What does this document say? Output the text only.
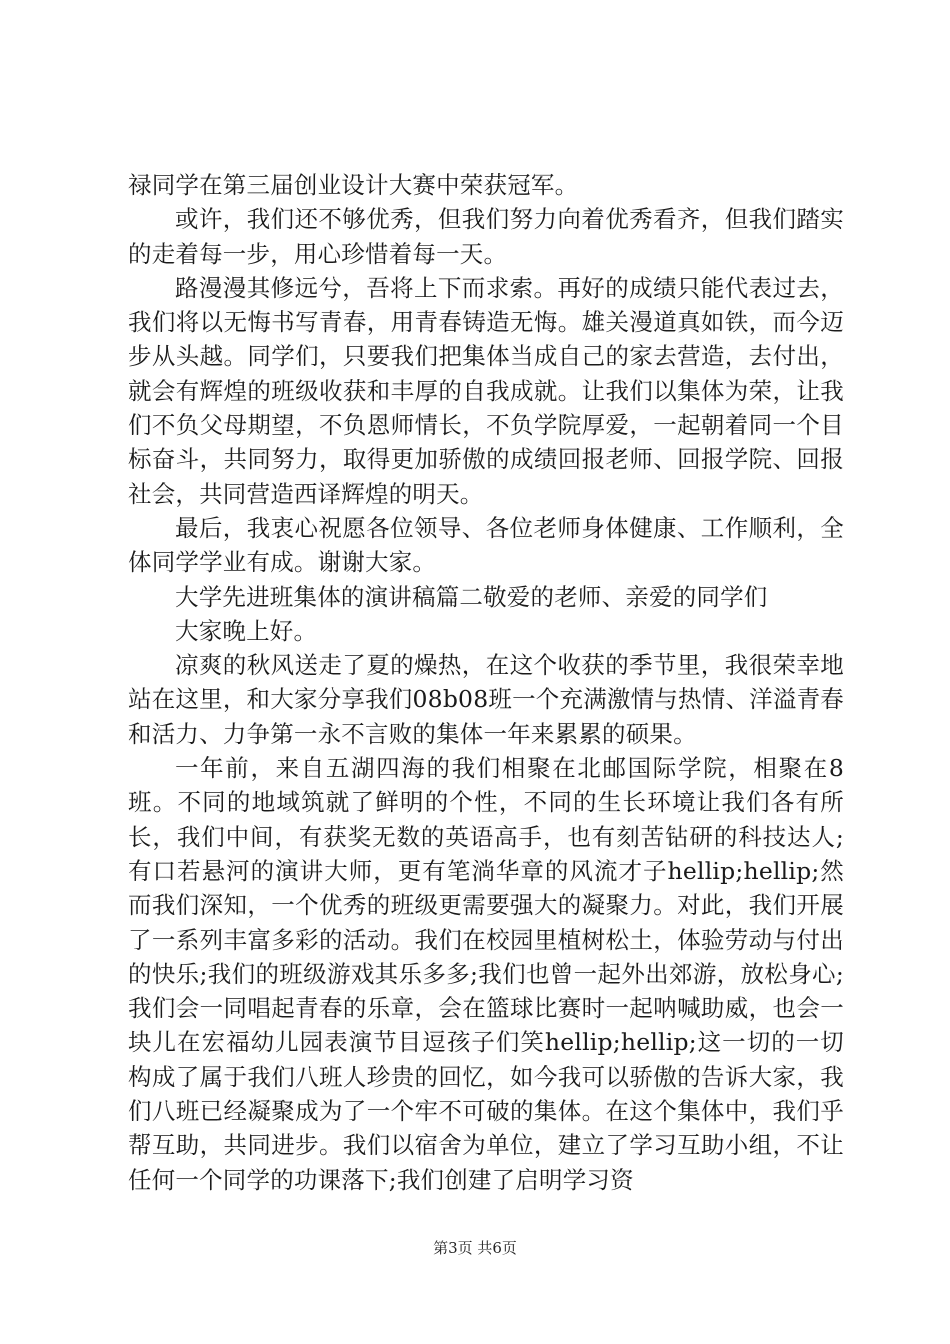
禄同学在第三届创业设计大赛中荣获冠军。

或许，我们还不够优秀，但我们努力向着优秀看齐，但我们踏实的走着每一步，用心珍惜着每一天。

路漫漫其修远兮，吾将上下而求索。再好的成绩只能代表过去，我们将以无悔书写青春，用青春铸造无悔。雄关漫道真如铁，而今迈步从头越。同学们，只要我们把集体当成自己的家去营造，去付出，就会有辉煌的班级收获和丰厚的自我成就。让我们以集体为荣，让我们不负父母期望，不负恩师情长，不负学院厚爱，一起朝着同一个目标奋斗，共同努力，取得更加骄傲的成绩回报老师、回报学院、回报社会，共同营造西译辉煌的明天。

最后，我衷心祝愿各位领导、各位老师身体健康、工作顺利，全体同学学业有成。谢谢大家。

大学先进班集体的演讲稿篇二敬爱的老师、亲爱的同学们

大家晚上好。

凉爽的秋风送走了夏的燥热，在这个收获的季节里，我很荣幸地站在这里，和大家分享我们08b08班一个充满激情与热情、洋溢青春和活力、力争第一永不言败的集体一年来累累的硕果。

一年前，来自五湖四海的我们相聚在北邮国际学院，相聚在8班。不同的地域筑就了鲜明的个性，不同的生长环境让我们各有所长，我们中间，有获奖无数的英语高手，也有刻苦钻研的科技达人;有口若悬河的演讲大师，更有笔淌华章的风流才子hellip;hellip;然而我们深知，一个优秀的班级更需要强大的凝聚力。对此，我们开展了一系列丰富多彩的活动。我们在校园里植树松土，体验劳动与付出的快乐;我们的班级游戏其乐多多;我们也曾一起外出郊游，放松身心;我们会一同唱起青春的乐章，会在篮球比赛时一起呐喊助威，也会一块儿在宏福幼儿园表演节目逗孩子们笑hellip;hellip;这一切的一切构成了属于我们八班人珍贵的回忆，如今我可以骄傲的告诉大家，我们八班已经凝聚成为了一个牢不可破的集体。在这个集体中，我们乎帮互助，共同进步。我们以宿舍为单位，建立了学习互助小组，不让任何一个同学的功课落下;我们创建了启明学习资

第3页 共6页
